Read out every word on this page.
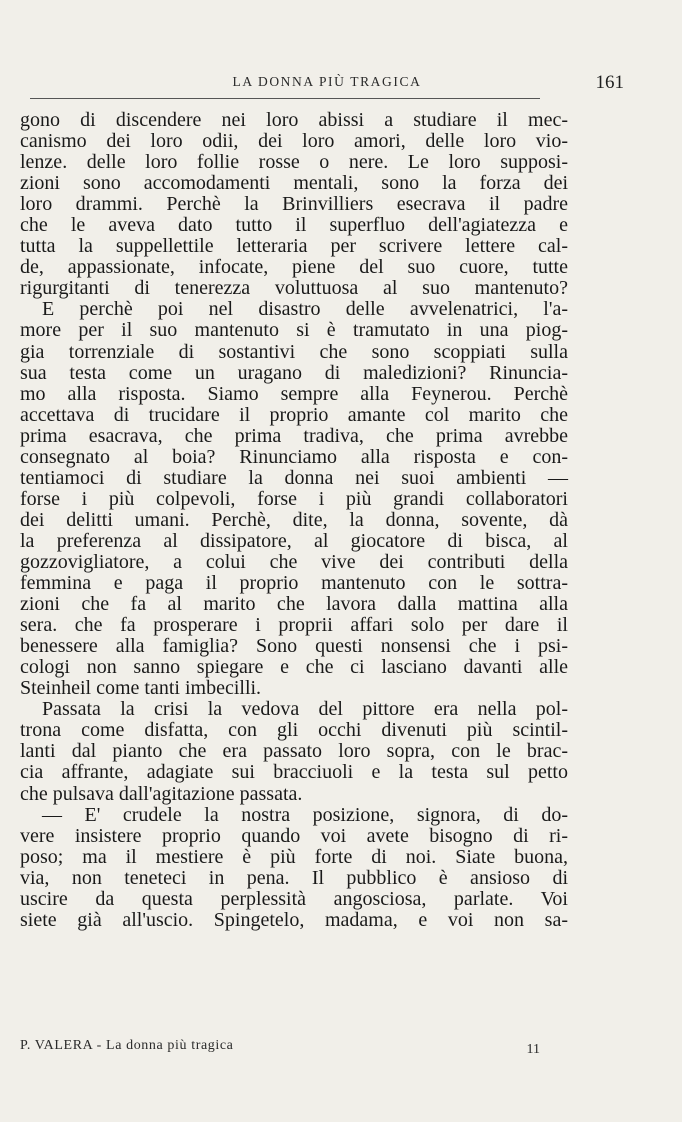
LA DONNA PIÙ TRAGICA	161
gono di discendere nei loro abissi a studiare il mec-
canismo dei loro odii, dei loro amori, delle loro vio-
lenze. delle loro follie rosse o nere. Le loro supposi-
zioni sono accomodamenti mentali, sono la forza dei
loro drammi. Perchè la Brinvilliers esecrava il padre
che le aveva dato tutto il superfluo dell'agiatezza e
tutta la suppellettile letteraria per scrivere lettere cal-
de, appassionate, infocate, piene del suo cuore, tutte
rigurgitanti di tenerezza voluttuosa al suo mantenuto?
E perchè poi nel disastro delle avvelenatrici, l'a-
more per il suo mantenuto si è tramutato in una piog-
gia torrenziale di sostantivi che sono scoppiati sulla
sua testa come un uragano di maledizioni? Rinuncia-
mo alla risposta. Siamo sempre alla Feynerou. Perchè
accettava di trucidare il proprio amante col marito che
prima esacrava, che prima tradiva, che prima avrebbe
consegnato al boia? Rinunciamo alla risposta e con-
tentiamoci di studiare la donna nei suoi ambienti —
forse i più colpevoli, forse i più grandi collaboratori
dei delitti umani. Perchè, dite, la donna, sovente, dà
la preferenza al dissipatore, al giocatore di bisca, al
gozzovigliatore, a colui che vive dei contributi della
femmina e paga il proprio mantenuto con le sottra-
zioni che fa al marito che lavora dalla mattina alla
sera. che fa prosperare i proprii affari solo per dare il
benessere alla famiglia? Sono questi nonsensi che i psi-
cologi non sanno spiegare e che ci lasciano davanti alle
Steinheil come tanti imbecilli.
Passata la crisi la vedova del pittore era nella pol-
trona come disfatta, con gli occhi divenuti più scintil-
lanti dal pianto che era passato loro sopra, con le brac-
cia affrante, adagiate sui bracciuoli e la testa sul petto
che pulsava dall'agitazione passata.
— E' crudele la nostra posizione, signora, di do-
vere insistere proprio quando voi avete bisogno di ri-
poso; ma il mestiere è più forte di noi. Siate buona,
via, non teneteci in pena. Il pubblico è ansioso di
uscire da questa perplessità angosciosa, parlate. Voi
siete già all'uscio. Spingetelo, madama, e voi non sa-
P. VALERA - La donna più tragica	11
